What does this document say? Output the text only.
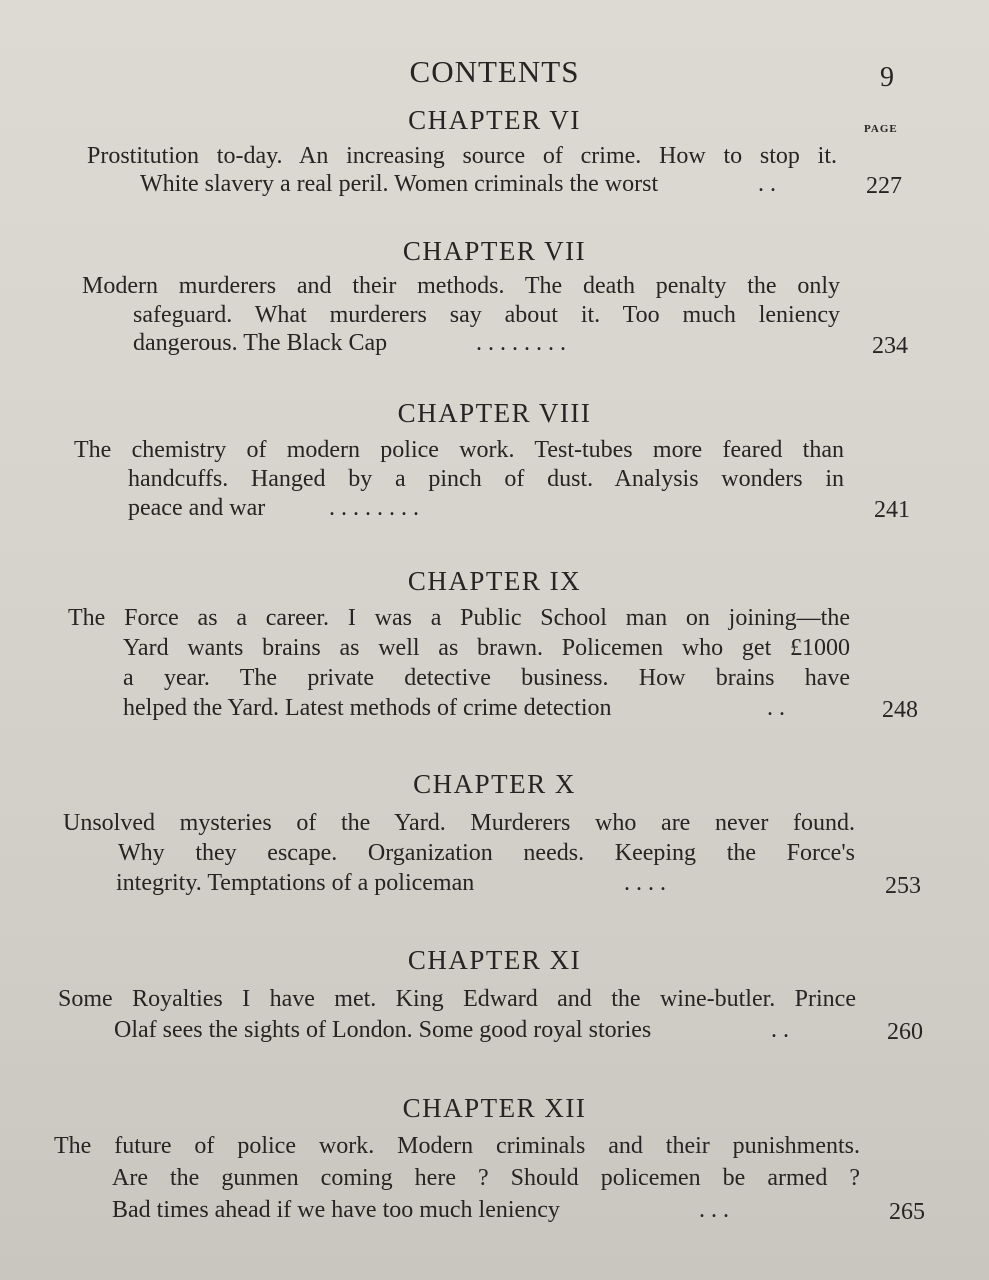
CONTENTS	9
PAGE
CHAPTER VI
Prostitution to-day. An increasing source of crime. How to stop it.
White slavery a real peril. Women criminals the worst	. .	227
CHAPTER VII
Modern murderers and their methods. The death penalty the only
safeguard. What murderers say about it. Too much leniency
dangerous. The Black Cap	. . . . . . . .	234
CHAPTER VIII
The chemistry of modern police work. Test-tubes more feared than
handcuffs. Hanged by a pinch of dust. Analysis wonders in
peace and war	. . . . . . . .	241
CHAPTER IX
The Force as a career. I was a Public School man on joining—the
Yard wants brains as well as brawn. Policemen who get £1000
a year. The private detective business. How brains have
helped the Yard. Latest methods of crime detection	. .	248
CHAPTER X
Unsolved mysteries of the Yard. Murderers who are never found.
Why they escape. Organization needs. Keeping the Force's
integrity. Temptations of a policeman	. . . .	253
CHAPTER XI
Some Royalties I have met. King Edward and the wine-butler. Prince
Olaf sees the sights of London. Some good royal stories	. .	260
CHAPTER XII
The future of police work. Modern criminals and their punishments.
Are the gunmen coming here ? Should policemen be armed ?
Bad times ahead if we have too much leniency	. . .	265
